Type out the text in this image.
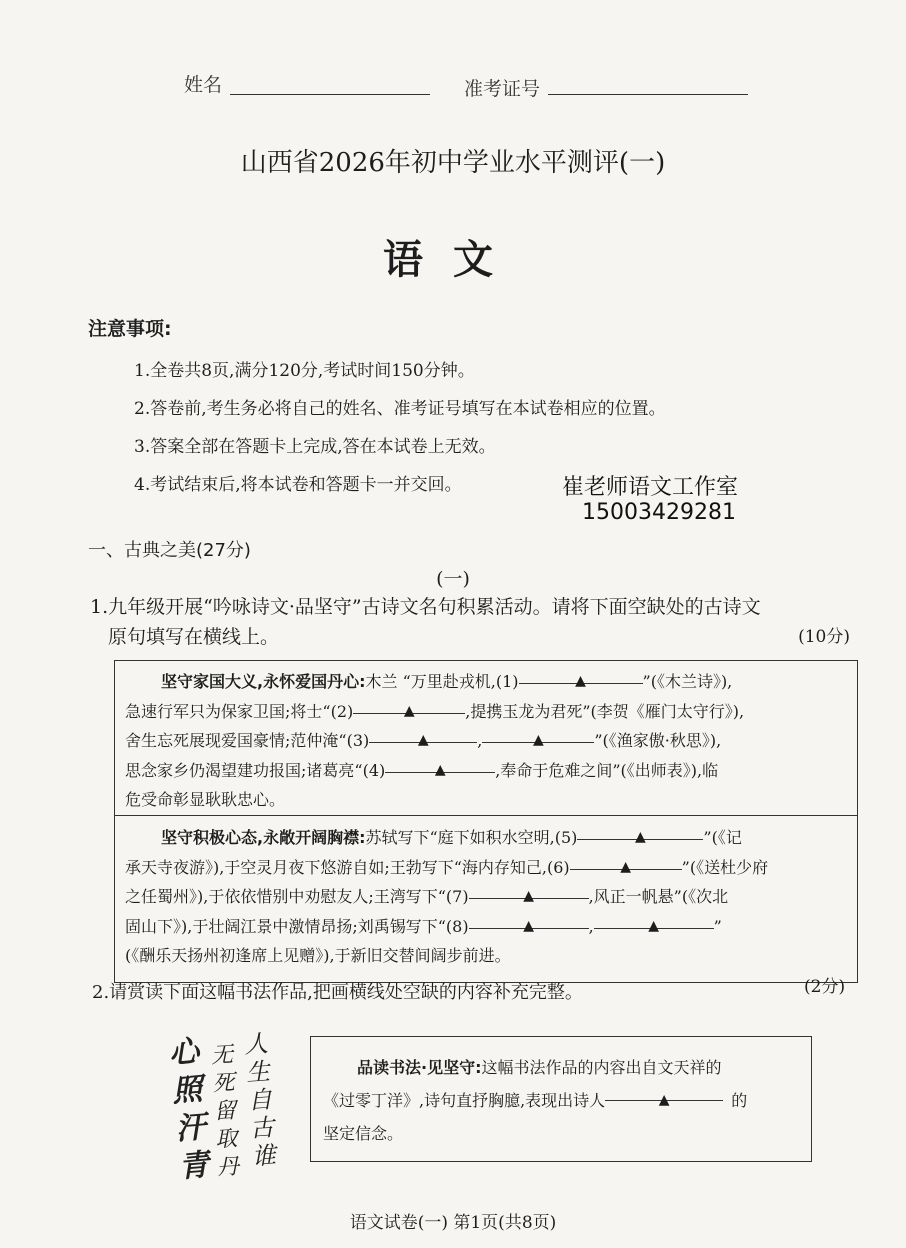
姓名	准考证号
山西省2026年初中学业水平测评(一)
语文
注意事项:
1.全卷共8页,满分120分,考试时间150分钟。
2.答卷前,考生务必将自己的姓名、准考证号填写在本试卷相应的位置。
3.答案全部在答题卡上完成,答在本试卷上无效。
4.考试结束后,将本试卷和答题卡一并交回。	崔老师语文工作室
15003429281
一、古典之美(27分)
(一)
1.九年级开展“吟咏诗文·品坚守”古诗文名句积累活动。请将下面空缺处的古诗文
原句填写在横线上。	(10分)
坚守家国大义,永怀爱国丹心:木兰 “万里赴戎机,(1)	▲	”(《木兰诗》),
急速行军只为保家卫国;将士“(2)	▲	,提携玉龙为君死”(李贺《雁门太守行》),
舍生忘死展现爱国豪情;范仲淹“(3)	▲	,	▲	”(《渔家傲·秋思》),
思念家乡仍渴望建功报国;诸葛亮“(4)	▲	,奉命于危难之间”(《出师表》),临
危受命彰显耿耿忠心。
坚守积极心态,永敞开阔胸襟:苏轼写下“庭下如积水空明,(5)	▲	”(《记
承天寺夜游》),于空灵月夜下悠游自如;王勃写下“海内存知己,(6)	▲	”(《送杜少府
之任蜀州》),于依依惜别中劝慰友人;王湾写下“(7)	▲	,风正一帆悬”(《次北
固山下》),于壮阔江景中激情昂扬;刘禹锡写下“(8)	▲	,	▲	”
(《酬乐天扬州初逢席上见赠》),于新旧交替间阔步前进。
2.请赏读下面这幅书法作品,把画横线处空缺的内容补充完整。	(2分)
人生自古谁
无死留取丹
心照汗青
品读书法·见坚守:这幅书法作品的内容出自文天祥的
《过零丁洋》,诗句直抒胸臆,表现出诗人	▲	的
坚定信念。
语文试卷(一) 第1页(共8页)
